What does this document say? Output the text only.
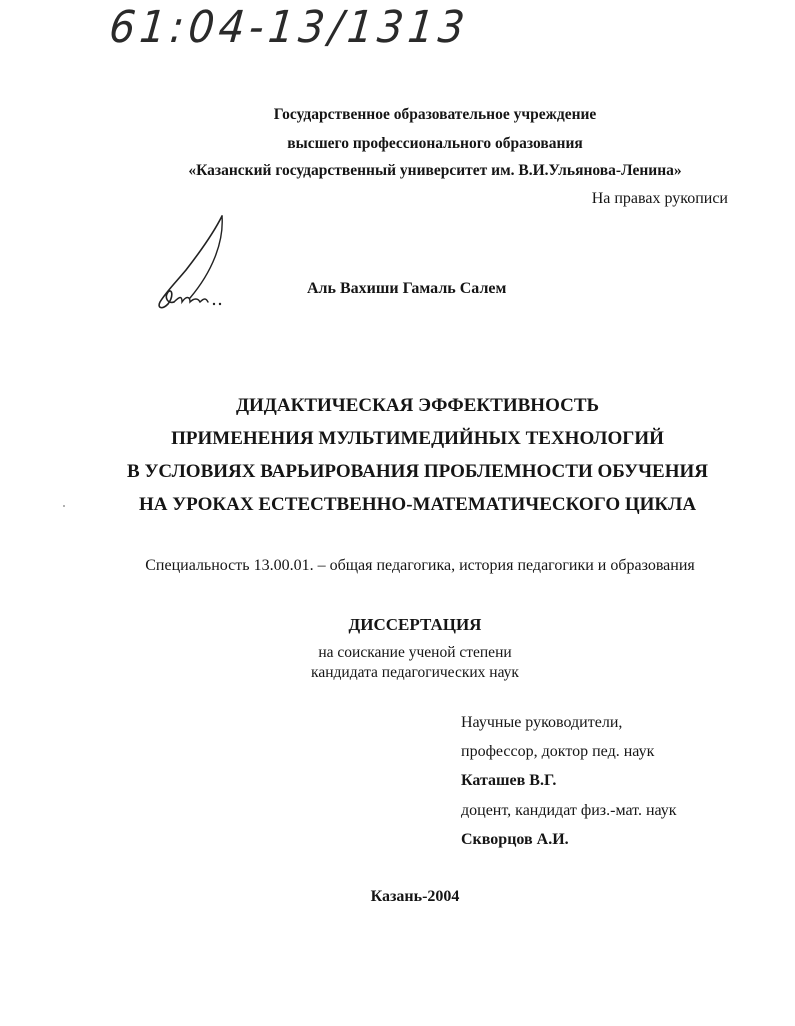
61:04-13/1313
Государственное образовательное учреждение
высшего профессионального образования
«Казанский государственный университет им. В.И.Ульянова-Ленина»
На правах рукописи
Аль Вахиши Гамаль Салем
ДИДАКТИЧЕСКАЯ ЭФФЕКТИВНОСТЬ
ПРИМЕНЕНИЯ МУЛЬТИМЕДИЙНЫХ ТЕХНОЛОГИЙ
В УСЛОВИЯХ ВАРЬИРОВАНИЯ ПРОБЛЕМНОСТИ ОБУЧЕНИЯ
НА УРОКАХ ЕСТЕСТВЕННО-МАТЕМАТИЧЕСКОГО ЦИКЛА
Специальность 13.00.01. – общая педагогика, история педагогики и образования
ДИССЕРТАЦИЯ
на соискание ученой степени
кандидата педагогических наук
Научные руководители,
профессор, доктор пед. наук
Каташев В.Г.
доцент, кандидат физ.-мат. наук
Скворцов А.И.
Казань-2004
